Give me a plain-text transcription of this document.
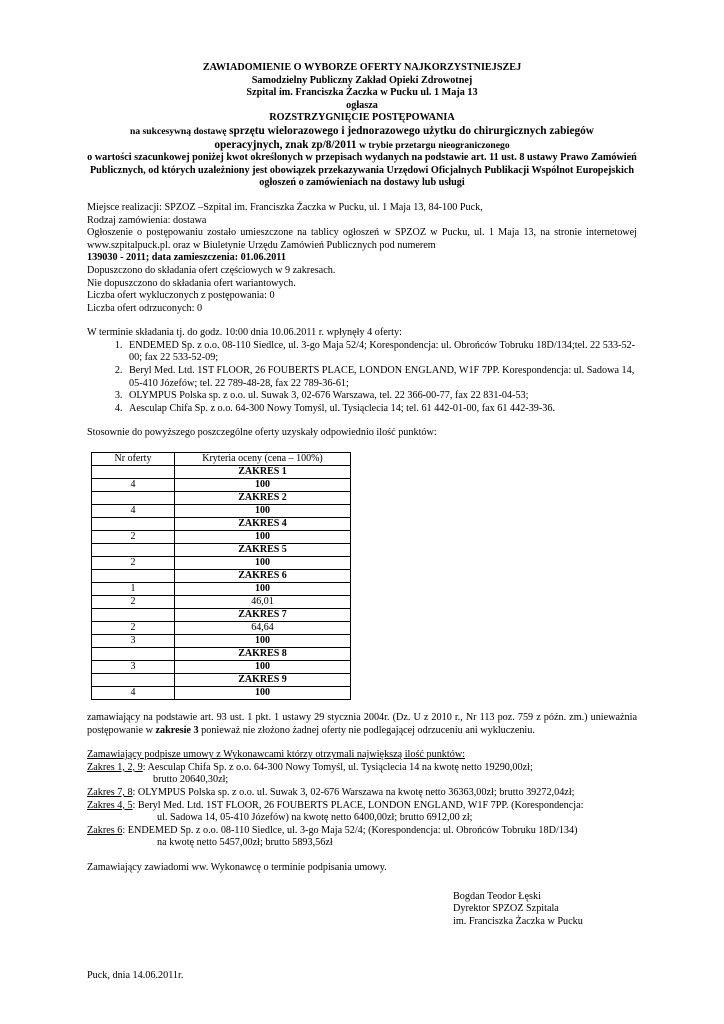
ZAWIADOMIENIE O WYBORZE OFERTY NAJKORZYSTNIEJSZEJ
Samodzielny Publiczny Zakład Opieki Zdrowotnej
Szpital im. Franciszka Żaczka w Pucku ul. 1 Maja 13
ogłasza
ROZSTRZYGNIĘCIE POSTĘPOWANIA
na sukcesywną dostawę sprzętu wielorazowego i jednorazowego użytku do chirurgicznych zabiegów
operacyjnych, znak zp/8/2011 w trybie przetargu nieograniczonego
o wartości szacunkowej poniżej kwot określonych w przepisach wydanych na podstawie art. 11 ust. 8 ustawy Prawo Zamówień Publicznych, od których uzależniony jest obowiązek przekazywania Urzędowi Oficjalnych Publikacji Wspólnot Europejskich ogłoszeń o zamówieniach na dostawy lub usługi
Miejsce realizacji: SPZOZ –Szpital im. Franciszka Żaczka w Pucku, ul. 1 Maja 13, 84-100 Puck,
Rodzaj zamówienia: dostawa
Ogłoszenie o postępowaniu zostało umieszczone na tablicy ogłoszeń w SPZOZ w Pucku, ul. 1 Maja 13, na stronie internetowej www.szpitalpuck.pl. oraz w Biuletynie Urzędu Zamówień Publicznych pod numerem
139030 - 2011; data zamieszczenia: 01.06.2011
Dopuszczono do składania ofert częściowych w 9 zakresach.
Nie dopuszczono do składania ofert wariantowych.
Liczba ofert wykluczonych z postępowania: 0
Liczba ofert odrzuconych: 0
W terminie składania tj. do godz. 10:00 dnia 10.06.2011 r. wpłynęły 4 oferty:
1. ENDEMED Sp. z o.o. 08-110 Siedlce, ul. 3-go Maja 52/4; Korespondencja: ul. Obrońców Tobruku 18D/134;tel. 22 533-52-00; fax 22 533-52-09;
2. Beryl Med. Ltd. 1ST FLOOR, 26 FOUBERTS PLACE, LONDON ENGLAND, W1F 7PP. Korespondencja: ul. Sadowa 14, 05-410 Józefów; tel. 22 789-48-28, fax 22 789-36-61;
3. OLYMPUS Polska sp. z o.o. ul. Suwak 3, 02-676 Warszawa, tel. 22 366-00-77, fax 22 831-04-53;
4. Aesculap Chifa Sp. z o.o. 64-300 Nowy Tomyśl, ul. Tysiąclecia 14; tel. 61 442-01-00, fax 61 442-39-36.
Stosownie do powyższego poszczególne oferty uzyskały odpowiednio ilość punktów:
Nr oferty	Kryteria oceny (cena – 100%)
	ZAKRES 1
4	100
	ZAKRES 2
4	100
	ZAKRES 4
2	100
	ZAKRES 5
2	100
	ZAKRES 6
1	100
2	46,01
	ZAKRES 7
2	64,64
3	100
	ZAKRES 8
3	100
	ZAKRES 9
4	100
zamawiający na podstawie art. 93 ust. 1 pkt. 1 ustawy 29 stycznia 2004r. (Dz. U z 2010 r., Nr 113 poz. 759 z późn. zm.) unieważnia postępowanie w zakresie 3 ponieważ nie złożono żadnej oferty nie podlegającej odrzuceniu ani wykluczeniu.
Zamawiający podpisze umowy z Wykonawcami którzy otrzymali największą ilość punktów:
Zakres 1, 2, 9: Aesculap Chifa Sp. z o.o. 64-300 Nowy Tomyśl, ul. Tysiąclecia 14 na kwotę netto 19290,00zł;
brutto 20640,30zł;
Zakres 7, 8: OLYMPUS Polska sp. z o.o. ul. Suwak 3, 02-676 Warszawa na kwotę netto 36363,00zł; brutto 39272,04zł;
Zakres 4, 5: Beryl Med. Ltd. 1ST FLOOR, 26 FOUBERTS PLACE, LONDON ENGLAND, W1F 7PP. (Korespondencja:
ul. Sadowa 14, 05-410 Józefów) na kwotę netto 6400,00zł; brutto 6912,00 zł;
Zakres 6: ENDEMED Sp. z o.o. 08-110 Siedlce, ul. 3-go Maja 52/4; (Korespondencja: ul. Obrońców Tobruku 18D/134)
na kwotę netto 5457,00zł; brutto 5893,56zł
Zamawiający zawiadomi ww. Wykonawcę o terminie podpisania umowy.
Bogdan Teodor Łęski
Dyrektor SPZOZ Szpitala
im. Franciszka Żaczka w Pucku
Puck, dnia 14.06.2011r.
